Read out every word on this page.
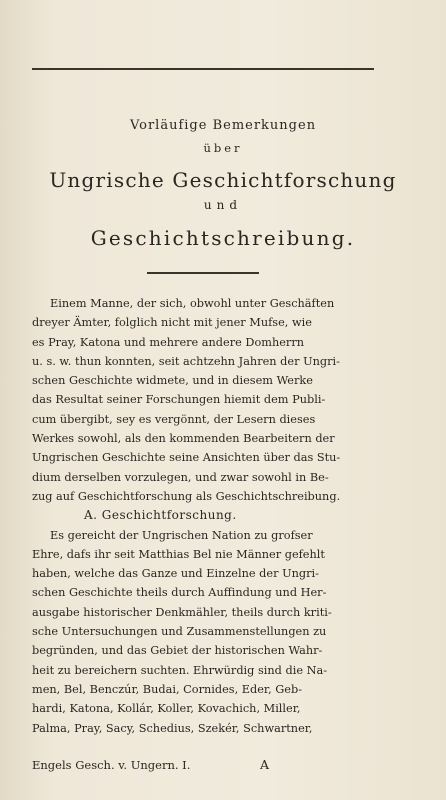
Vorläufige Bemerkungen
über
Ungrische Geschichtforschung
und
Geschichtschreibung.
Einem Manne, der sich, obwohl unter Geschäften
dreyer Ämter, folglich nicht mit jener Mufse, wie
es Pray, Katona und mehrere andere Domherrn
u. s. w. thun konnten, seit achtzehn Jahren der Ungri-
schen Geschichte widmete, und in diesem Werke
das Resultat seiner Forschungen hiemit dem Publi-
cum übergibt, sey es vergönnt, der Lesern dieses
Werkes sowohl, als den kommenden Bearbeitern der
Ungrischen Geschichte seine Ansichten über das Stu-
dium derselben vorzulegen, und zwar sowohl in Be-
zug auf Geschichtforschung als Geschichtschreibung.
A. Geschichtforschung.
Es gereicht der Ungrischen Nation zu grofser
Ehre, dafs ihr seit Matthias Bel nie Männer gefehlt
haben, welche das Ganze und Einzelne der Ungri-
schen Geschichte theils durch Auffindung und Her-
ausgabe historischer Denkmähler, theils durch kriti-
sche Untersuchungen und Zusammenstellungen zu
begründen, und das Gebiet der historischen Wahr-
heit zu bereichern suchten. Ehrwürdig sind die Na-
men, Bel, Benczúr, Budai, Cornides, Eder, Geb-
hardi, Katona, Kollár, Koller, Kovachich, Miller,
Palma, Pray, Sacy, Schedius, Szekér, Schwartner,
Engels Gesch. v. Ungern. I.	A
